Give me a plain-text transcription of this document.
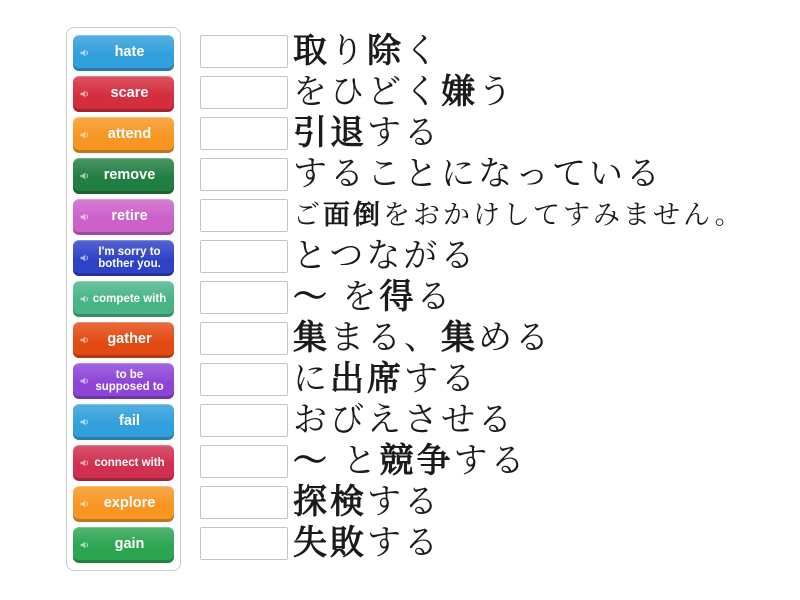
hate
scare
attend
remove
retire
I'm sorry to bother you.
compete with
gather
to be supposed to
fail
connect with
explore
gain
取り除く
をひどく嫌う
引退する
することになっている
ご面倒をおかけしてすみません。
とつながる
～ を得る
集まる、集める
に出席する
おびえさせる
～ と競争する
探検する
失敗する
